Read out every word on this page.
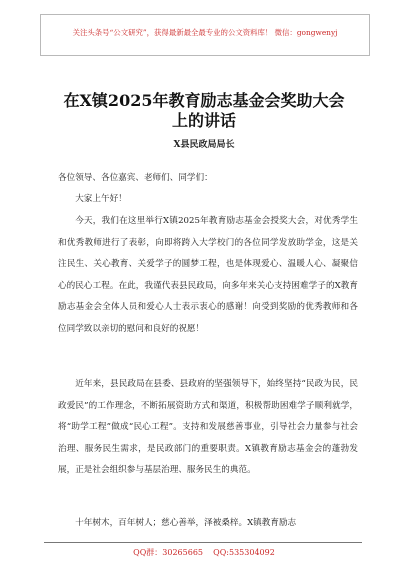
关注头条号“公文研究”，获得最新最全最专业的公文资料库！ 微信：gongwenyj
在X镇2025年教育励志基金会奖助大会
上的讲话
X县民政局局长

各位领导、各位嘉宾、老师们、同学们：

大家上午好！

今天，我们在这里举行X镇2025年教育励志基金会授奖大会，对优秀学生和优秀教师进行了表彰，向即将跨入大学校门的各位同学发放助学金，这是关注民生、关心教育、关爱学子的圆梦工程，也是体现爱心、温暖人心、凝聚信心的民心工程。在此，我谨代表县民政局，向多年来关心支持困难学子的X教育励志基金会全体人员和爱心人士表示衷心的感谢！向受到奖励的优秀教师和各位同学致以亲切的慰问和良好的祝愿！

近年来，县民政局在县委、县政府的坚强领导下，始终坚持“民政为民，民政爱民”的工作理念，不断拓展资助方式和渠道，积极帮助困难学子顺利就学，将“助学工程”做成“民心工程”。支持和发展慈善事业，引导社会力量参与社会治理、服务民生需求，是民政部门的重要职责。X镇教育励志基金会的蓬勃发展，正是社会组织参与基层治理、服务民生的典范。

十年树木，百年树人；慈心善举，泽被桑梓。X镇教育励志

QQ群：30265665    QQ:535304092
